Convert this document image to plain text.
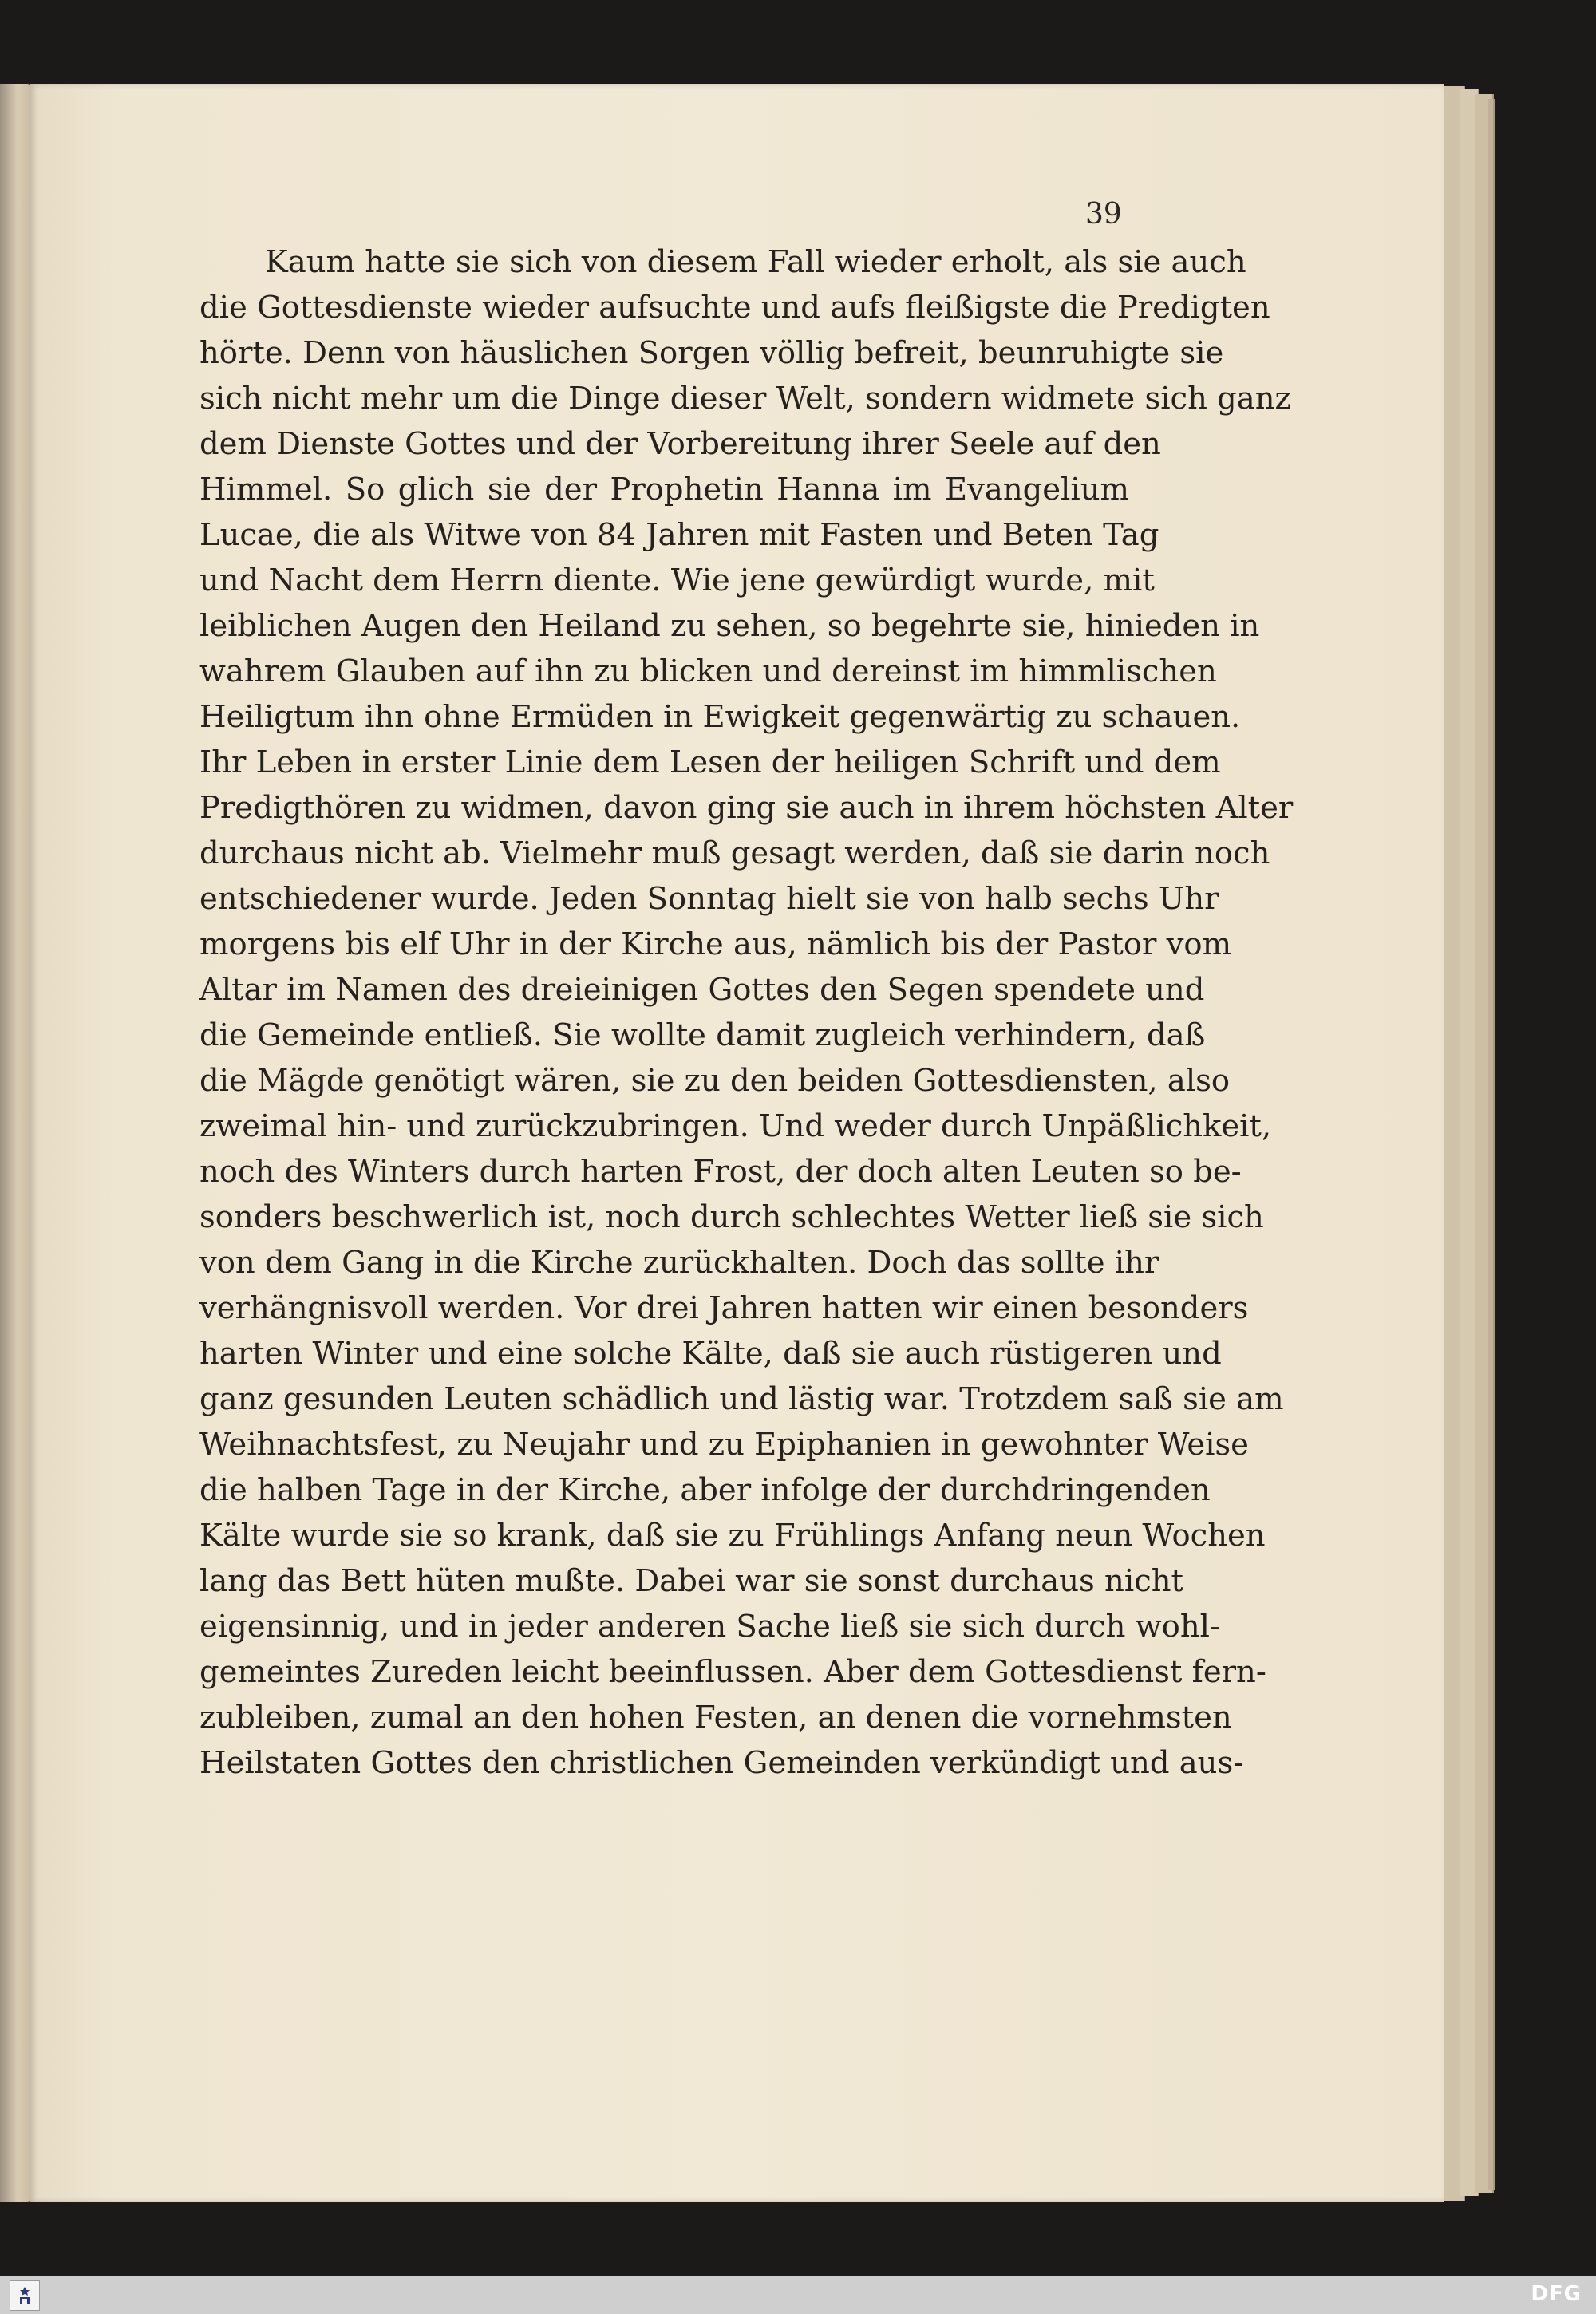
39
Kaum hatte sie sich von diesem Fall wieder erholt, als sie auch
die Gottesdienste wieder aufsuchte und aufs fleißigste die Predigten
hörte. Denn von häuslichen Sorgen völlig befreit, beunruhigte sie
sich nicht mehr um die Dinge dieser Welt, sondern widmete sich ganz
dem Dienste Gottes und der Vorbereitung ihrer Seele auf den
Himmel. So glich sie der Prophetin Hanna im Evangelium
Lucae, die als Witwe von 84 Jahren mit Fasten und Beten Tag
und Nacht dem Herrn diente. Wie jene gewürdigt wurde, mit
leiblichen Augen den Heiland zu sehen, so begehrte sie, hinieden in
wahrem Glauben auf ihn zu blicken und dereinst im himmlischen
Heiligtum ihn ohne Ermüden in Ewigkeit gegenwärtig zu schauen.
Ihr Leben in erster Linie dem Lesen der heiligen Schrift und dem
Predigthören zu widmen, davon ging sie auch in ihrem höchsten Alter
durchaus nicht ab. Vielmehr muß gesagt werden, daß sie darin noch
entschiedener wurde. Jeden Sonntag hielt sie von halb sechs Uhr
morgens bis elf Uhr in der Kirche aus, nämlich bis der Pastor vom
Altar im Namen des dreieinigen Gottes den Segen spendete und
die Gemeinde entließ. Sie wollte damit zugleich verhindern, daß
die Mägde genötigt wären, sie zu den beiden Gottesdiensten, also
zweimal hin- und zurückzubringen. Und weder durch Unpäßlichkeit,
noch des Winters durch harten Frost, der doch alten Leuten so be-
sonders beschwerlich ist, noch durch schlechtes Wetter ließ sie sich
von dem Gang in die Kirche zurückhalten. Doch das sollte ihr
verhängnisvoll werden. Vor drei Jahren hatten wir einen besonders
harten Winter und eine solche Kälte, daß sie auch rüstigeren und
ganz gesunden Leuten schädlich und lästig war. Trotzdem saß sie am
Weihnachtsfest, zu Neujahr und zu Epiphanien in gewohnter Weise
die halben Tage in der Kirche, aber infolge der durchdringenden
Kälte wurde sie so krank, daß sie zu Frühlings Anfang neun Wochen
lang das Bett hüten mußte. Dabei war sie sonst durchaus nicht
eigensinnig, und in jeder anderen Sache ließ sie sich durch wohl-
gemeintes Zureden leicht beeinflussen. Aber dem Gottesdienst fern-
zubleiben, zumal an den hohen Festen, an denen die vornehmsten
Heilstaten Gottes den christlichen Gemeinden verkündigt und aus-
DFG
